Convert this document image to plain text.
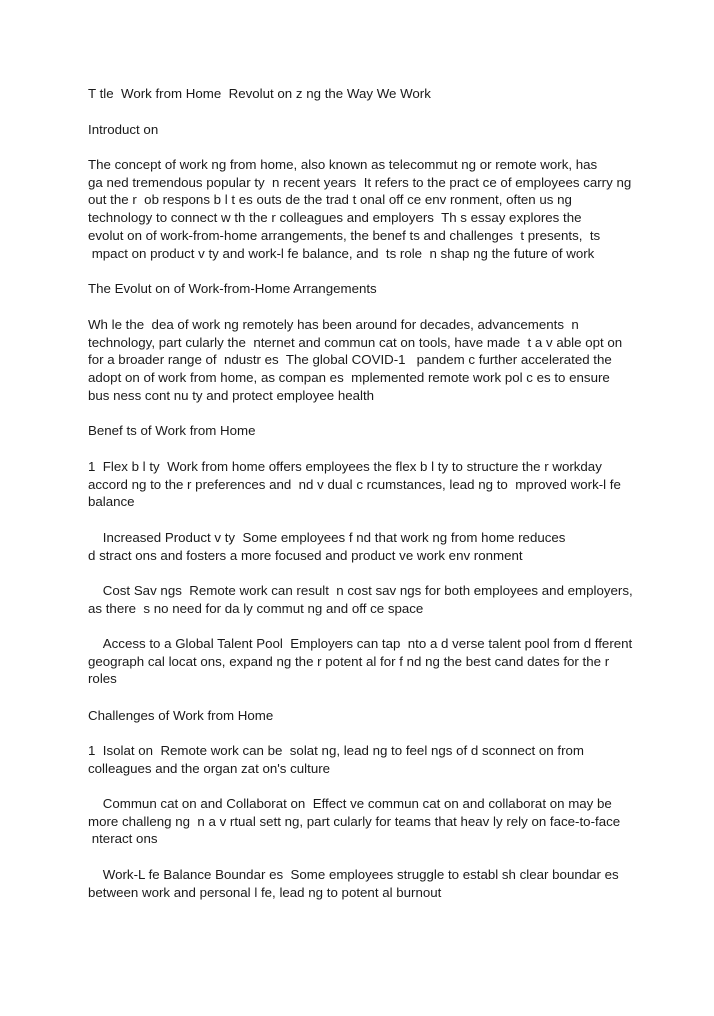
T tle  Work from Home  Revolut on z ng the Way We Work

Introduct on

The concept of work ng from home, also known as telecommut ng or remote work, has
ga ned tremendous popular ty  n recent years  It refers to the pract ce of employees carry ng
out the r  ob respons b l t es outs de the trad t onal off ce env ronment, often us ng
technology to connect w th the r colleagues and employers  Th s essay explores the
evolut on of work-from-home arrangements, the benef ts and challenges  t presents,  ts
mpact on product v ty and work-l fe balance, and  ts role  n shap ng the future of work

The Evolut on of Work-from-Home Arrangements

Wh le the  dea of work ng remotely has been around for decades, advancements  n
technology, part cularly the  nternet and commun cat on tools, have made  t a v able opt on
for a broader range of  ndustr es  The global COVID-1   pandem c further accelerated the
adopt on of work from home, as compan es  mplemented remote work pol c es to ensure
bus ness cont nu ty and protect employee health

Benef ts of Work from Home

1  Flex b l ty  Work from home offers employees the flex b l ty to structure the r workday
accord ng to the r preferences and  nd v dual c rcumstances, lead ng to  mproved work-l fe
balance

Increased Product v ty  Some employees f nd that work ng from home reduces
d stract ons and fosters a more focused and product ve work env ronment

Cost Sav ngs  Remote work can result  n cost sav ngs for both employees and employers,
as there  s no need for da ly commut ng and off ce space

Access to a Global Talent Pool  Employers can tap  nto a d verse talent pool from d fferent
geograph cal locat ons, expand ng the r potent al for f nd ng the best cand dates for the r
roles

Challenges of Work from Home

1  Isolat on  Remote work can be  solat ng, lead ng to feel ngs of d sconnect on from
colleagues and the organ zat on's culture

Commun cat on and Collaborat on  Effect ve commun cat on and collaborat on may be
more challeng ng  n a v rtual sett ng, part cularly for teams that heav ly rely on face-to-face
nteract ons

Work-L fe Balance Boundar es  Some employees struggle to establ sh clear boundar es
between work and personal l fe, lead ng to potent al burnout
